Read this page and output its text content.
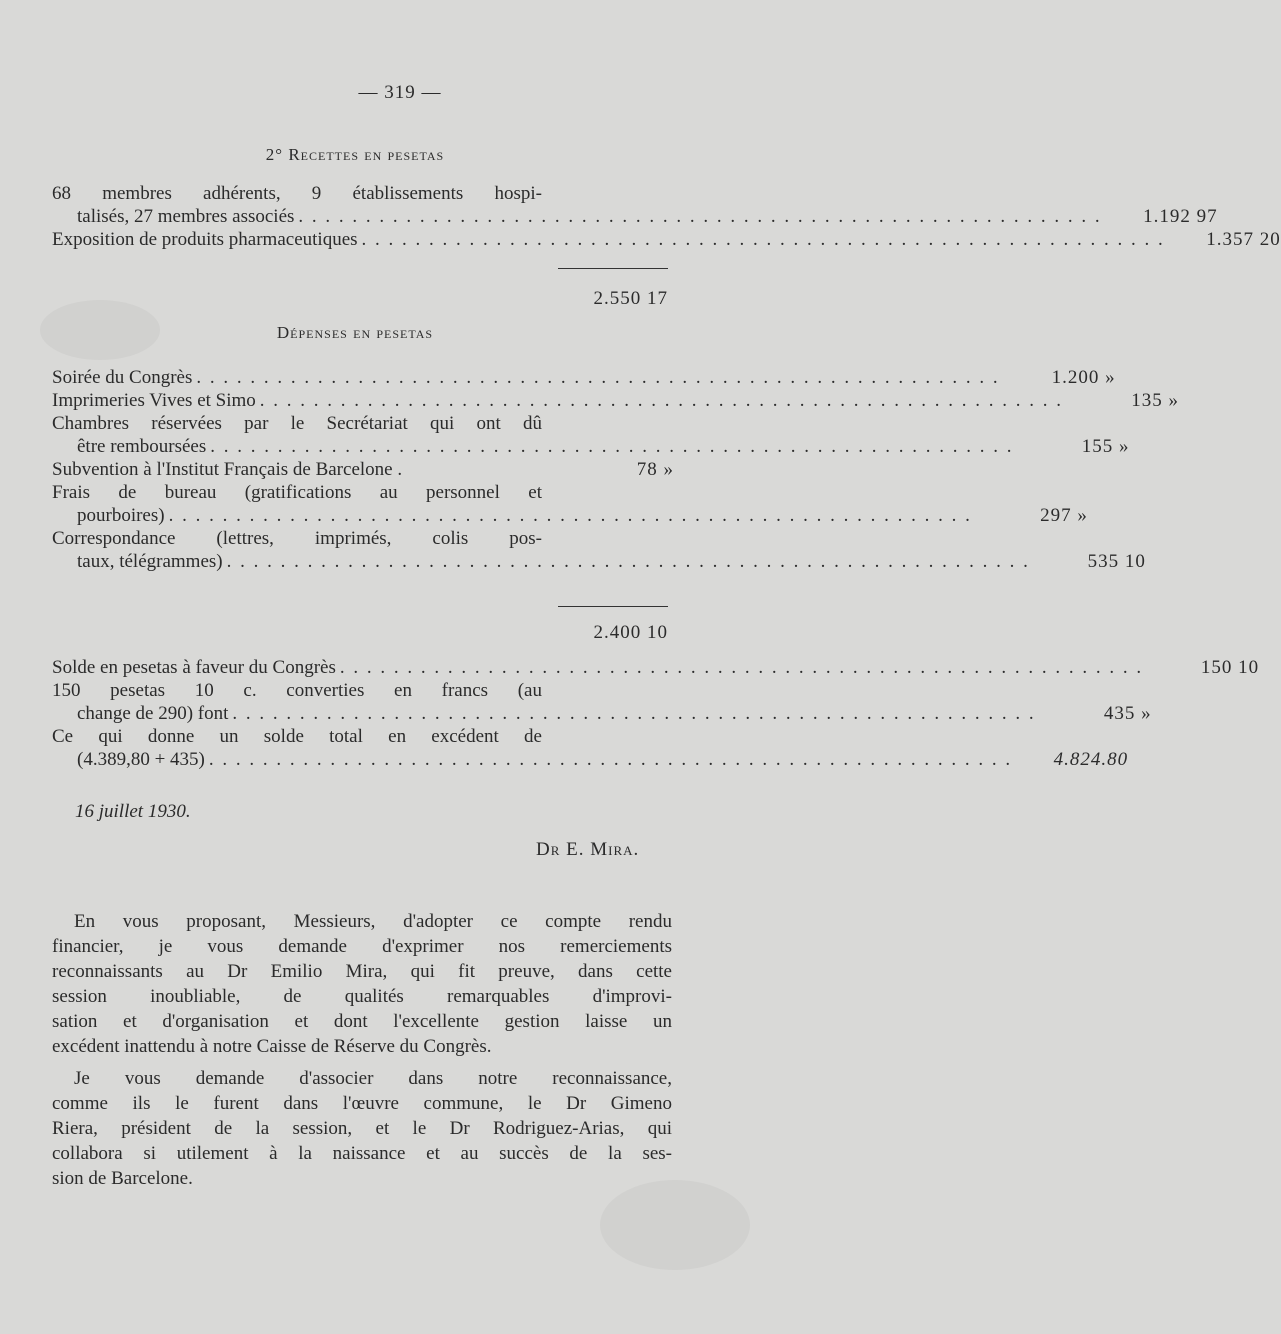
— 319 —
2° Recettes en pesetas
68 membres adhérents, 9 établissements hospi-
talisés, 27 membres associés . . . . . . . . . . . . . . . . . . . . . . . . . . . . . . . . . . . . . . . . . . . . . . . . . . . . . . . . . . . .	1.192 97
Exposition de produits pharmaceutiques . . . . . . . . . . . . . . . . . . . . . . . . . . . . . . . . . . . . . . . . . . . . . . . . . . . . . . . . . . . .	1.357 20
2.550 17
Dépenses en pesetas
Soirée du Congrès . . . . . . . . . . . . . . . . . . . . . . . . . . . . . . . . . . . . . . . . . . . . . . . . . . . . . . . . . . . .	1.200 »
Imprimeries Vives et Simo . . . . . . . . . . . . . . . . . . . . . . . . . . . . . . . . . . . . . . . . . . . . . . . . . . . . . . . . . . . .	135 »
Chambres réservées par le Secrétariat qui ont dû
être remboursées . . . . . . . . . . . . . . . . . . . . . . . . . . . . . . . . . . . . . . . . . . . . . . . . . . . . . . . . . . . .	155 »
Subvention à l'Institut Français de Barcelone .	78 »
Frais de bureau (gratifications au personnel et
pourboires) . . . . . . . . . . . . . . . . . . . . . . . . . . . . . . . . . . . . . . . . . . . . . . . . . . . . . . . . . . . .	297 »
Correspondance (lettres, imprimés, colis pos-
taux, télégrammes) . . . . . . . . . . . . . . . . . . . . . . . . . . . . . . . . . . . . . . . . . . . . . . . . . . . . . . . . . . . .	535 10
2.400 10
Solde en pesetas à faveur du Congrès . . . . . . . . . . . . . . . . . . . . . . . . . . . . . . . . . . . . . . . . . . . . . . . . . . . . . . . . . . . .	150 10
150 pesetas 10 c. converties en francs (au
change de 290) font . . . . . . . . . . . . . . . . . . . . . . . . . . . . . . . . . . . . . . . . . . . . . . . . . . . . . . . . . . . .	435 »
Ce qui donne un solde total en excédent de
(4.389,80 + 435) . . . . . . . . . . . . . . . . . . . . . . . . . . . . . . . . . . . . . . . . . . . . . . . . . . . . . . . . . . . .	4.824.80
16 juillet 1930.
Dr E. Mira.
En vous proposant, Messieurs, d'adopter ce compte rendu
financier, je vous demande d'exprimer nos remerciements
reconnaissants au Dr Emilio Mira, qui fit preuve, dans cette
session inoubliable, de qualités remarquables d'improvi-
sation et d'organisation et dont l'excellente gestion laisse un
excédent inattendu à notre Caisse de Réserve du Congrès.
Je vous demande d'associer dans notre reconnaissance,
comme ils le furent dans l'œuvre commune, le Dr Gimeno
Riera, président de la session, et le Dr Rodriguez-Arias, qui
collabora si utilement à la naissance et au succès de la ses-
sion de Barcelone.
